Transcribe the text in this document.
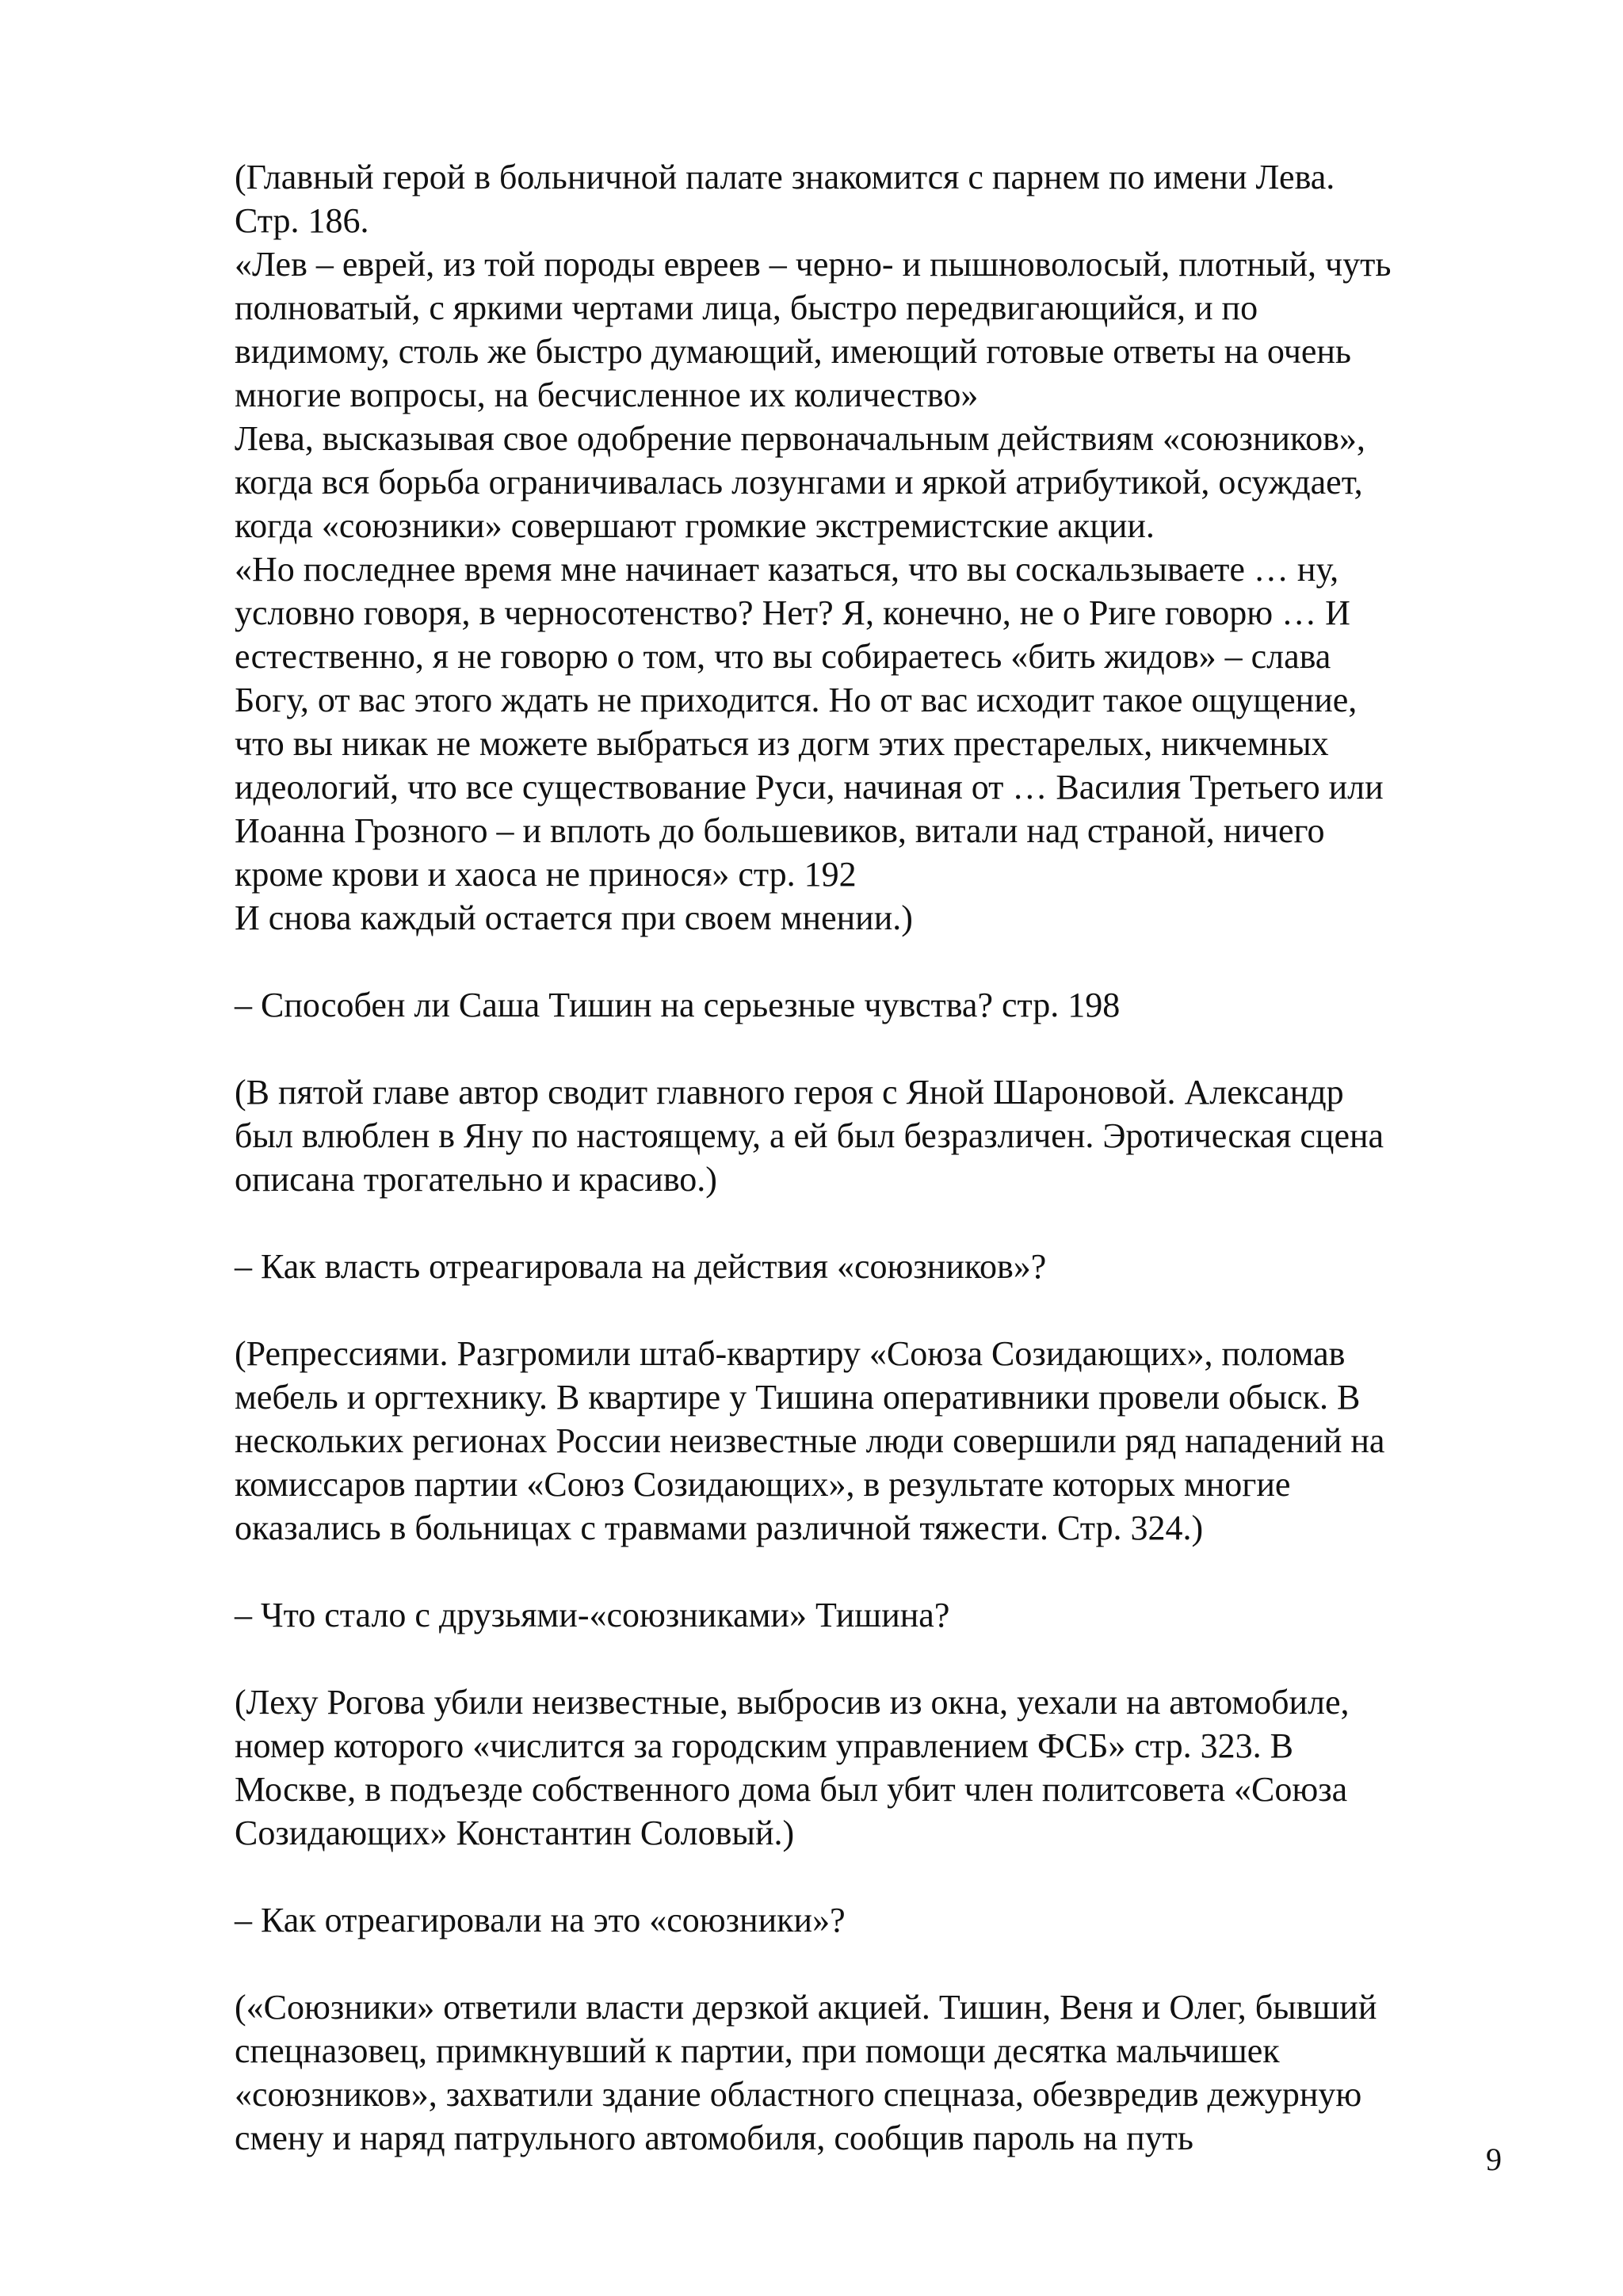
(Главный герой в больничной палате знакомится с парнем по имени Лева.
Стр. 186.
«Лев – еврей, из той породы евреев – черно- и пышноволосый, плотный, чуть
полноватый, с яркими чертами лица, быстро передвигающийся, и по
видимому, столь же быстро думающий, имеющий готовые ответы на очень
многие вопросы, на бесчисленное их количество»
Лева, высказывая свое одобрение первоначальным действиям «союзников»,
когда вся борьба ограничивалась лозунгами и яркой атрибутикой, осуждает,
когда «союзники» совершают громкие экстремистские акции.
«Но последнее время мне начинает казаться, что вы соскальзываете … ну,
условно говоря, в черносотенство? Нет? Я, конечно, не о Риге говорю … И
естественно, я не говорю о том, что вы собираетесь «бить жидов» – слава
Богу, от вас этого ждать не приходится. Но от вас исходит такое ощущение,
что вы никак не можете выбраться из догм этих престарелых, никчемных
идеологий, что все существование Руси, начиная от … Василия Третьего или
Иоанна Грозного – и вплоть до большевиков, витали над страной, ничего
кроме крови и хаоса не принося» стр. 192
И снова каждый остается при своем мнении.)
– Способен ли Саша Тишин на серьезные чувства? стр. 198
(В пятой главе автор сводит главного героя с Яной Шароновой. Александр
был влюблен в Яну по настоящему, а ей был безразличен. Эротическая сцена
описана трогательно и красиво.)
– Как власть отреагировала на действия «союзников»?
(Репрессиями. Разгромили штаб-квартиру «Союза Созидающих», поломав
мебель и оргтехнику. В квартире у Тишина оперативники провели обыск. В
нескольких регионах России неизвестные люди совершили ряд нападений на
комиссаров партии «Союз Созидающих», в результате которых многие
оказались в больницах с травмами различной тяжести. Стр. 324.)
– Что стало с друзьями-«союзниками» Тишина?
(Леху Рогова убили неизвестные, выбросив из окна, уехали на автомобиле,
номер которого «числится за городским управлением ФСБ» стр. 323. В
Москве, в подъезде собственного дома был убит член политсовета «Союза
Созидающих» Константин Соловый.)
– Как отреагировали на это «союзники»?
(«Союзники» ответили власти дерзкой акцией. Тишин, Веня и Олег, бывший
спецназовец, примкнувший к партии, при помощи десятка мальчишек
«союзников», захватили здание областного спецназа, обезвредив дежурную
смену и наряд патрульного автомобиля, сообщив пароль на путь
9
